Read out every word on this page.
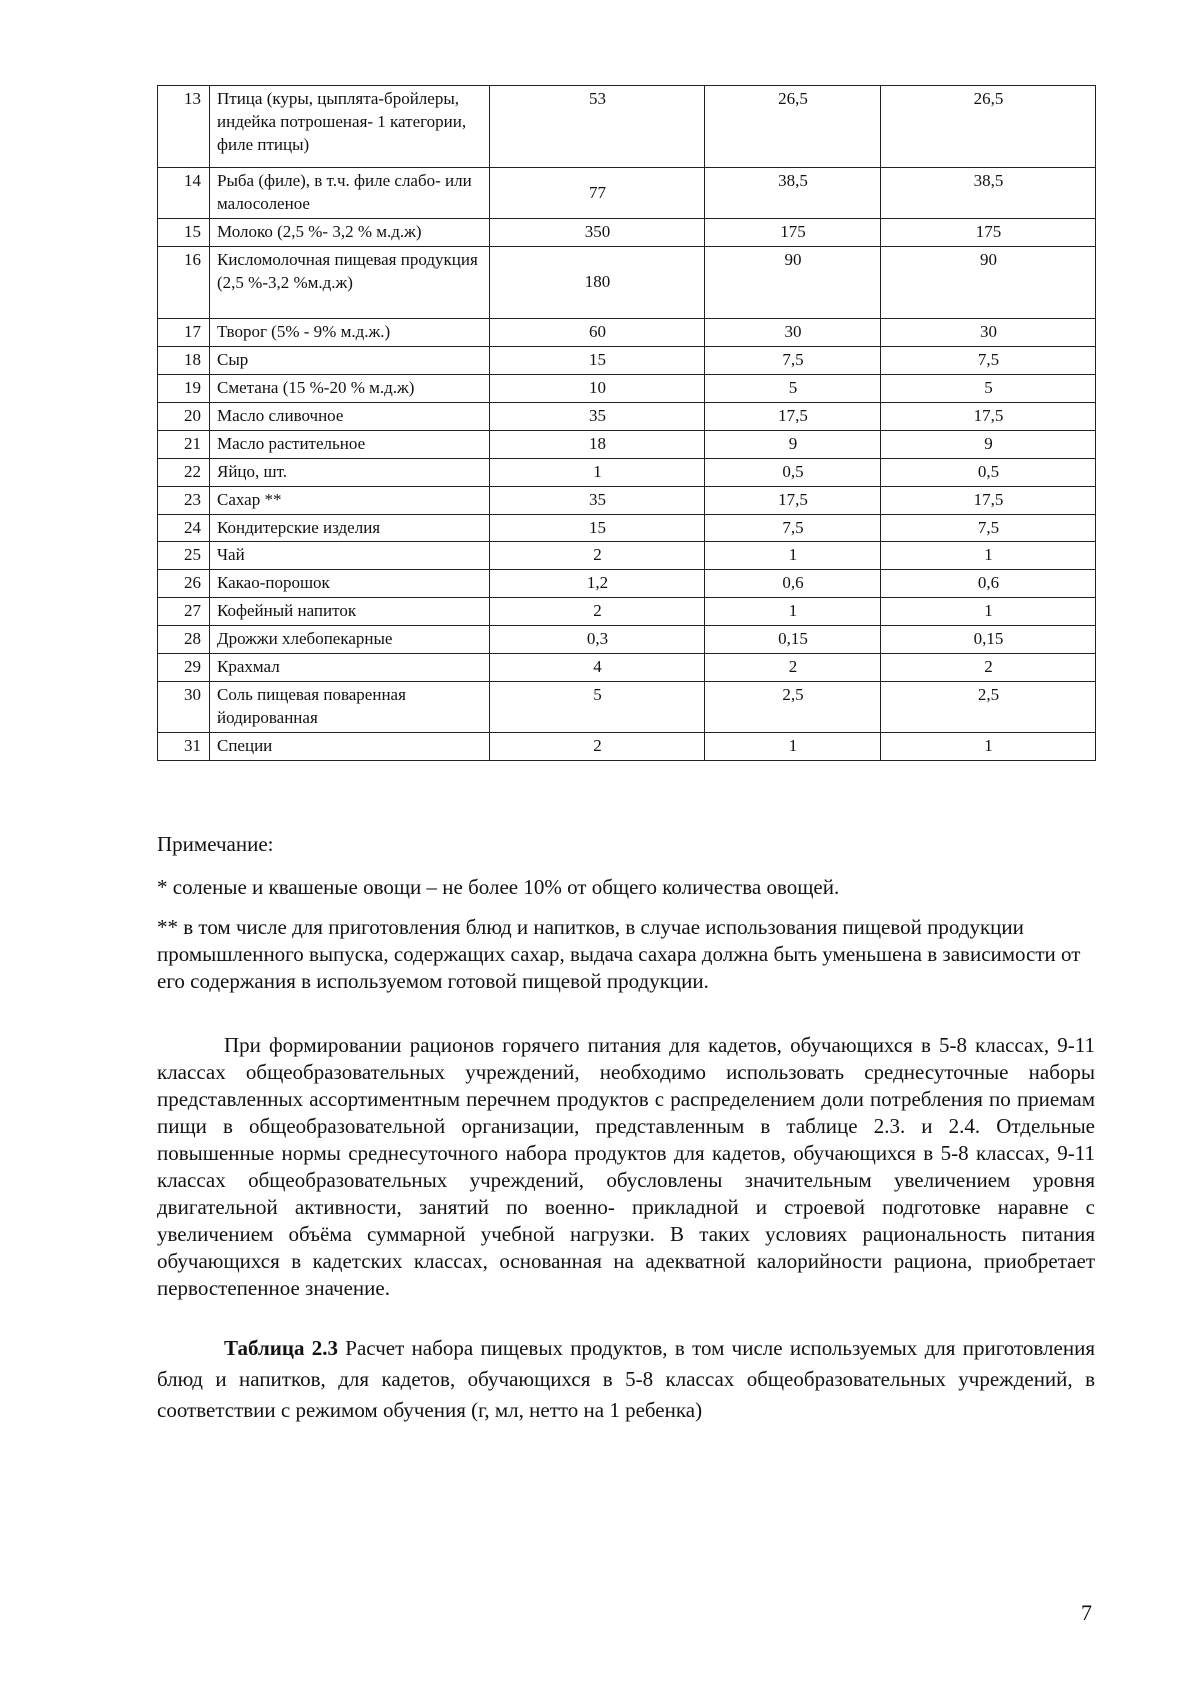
13	Птица (куры, цыплята-бройлеры, индейка потрошеная- 1 категории, филе птицы)	53	26,5	26,5
14	Рыба (филе), в т.ч. филе слабо- или малосоленое	77	38,5	38,5
15	Молоко (2,5 %- 3,2 % м.д.ж)	350	175	175
16	Кисломолочная пищевая продукция (2,5 %-3,2 %м.д.ж)	180	90	90
17	Творог (5% - 9% м.д.ж.)	60	30	30
18	Сыр	15	7,5	7,5
19	Сметана (15 %-20 % м.д.ж)	10	5	5
20	Масло сливочное	35	17,5	17,5
21	Масло растительное	18	9	9
22	Яйцо, шт.	1	0,5	0,5
23	Сахар **	35	17,5	17,5
24	Кондитерские изделия	15	7,5	7,5
25	Чай	2	1	1
26	Какао-порошок	1,2	0,6	0,6
27	Кофейный напиток	2	1	1
28	Дрожжи хлебопекарные	0,3	0,15	0,15
29	Крахмал	4	2	2
30	Соль пищевая поваренная йодированная	5	2,5	2,5
31	Специи	2	1	1
Примечание:

* соленые и квашеные овощи – не более 10% от общего количества овощей.

** в том числе для приготовления блюд и напитков, в случае использования пищевой продукции промышленного выпуска, содержащих сахар, выдача сахара должна быть уменьшена в зависимости от его содержания в используемом готовой пищевой продукции.

При формировании рационов горячего питания для кадетов, обучающихся в 5-8 классах, 9-11 классах общеобразовательных учреждений, необходимо использовать среднесуточные наборы представленных ассортиментным перечнем продуктов с распределением доли потребления по приемам пищи в общеобразовательной организации, представленным в таблице 2.3. и 2.4. Отдельные повышенные нормы среднесуточного набора продуктов для кадетов, обучающихся в 5-8 классах, 9-11 классах общеобразовательных учреждений, обусловлены значительным увеличением уровня двигательной активности, занятий по военно- прикладной и строевой подготовке наравне с увеличением объёма суммарной учебной нагрузки. В таких условиях рациональность питания обучающихся в кадетских классах, основанная на адекватной калорийности рациона, приобретает первостепенное значение.

Таблица 2.3 Расчет набора пищевых продуктов, в том числе используемых для приготовления блюд и напитков, для кадетов, обучающихся в 5-8 классах общеобразовательных учреждений, в соответствии с режимом обучения (г, мл, нетто на 1 ребенка)

7
